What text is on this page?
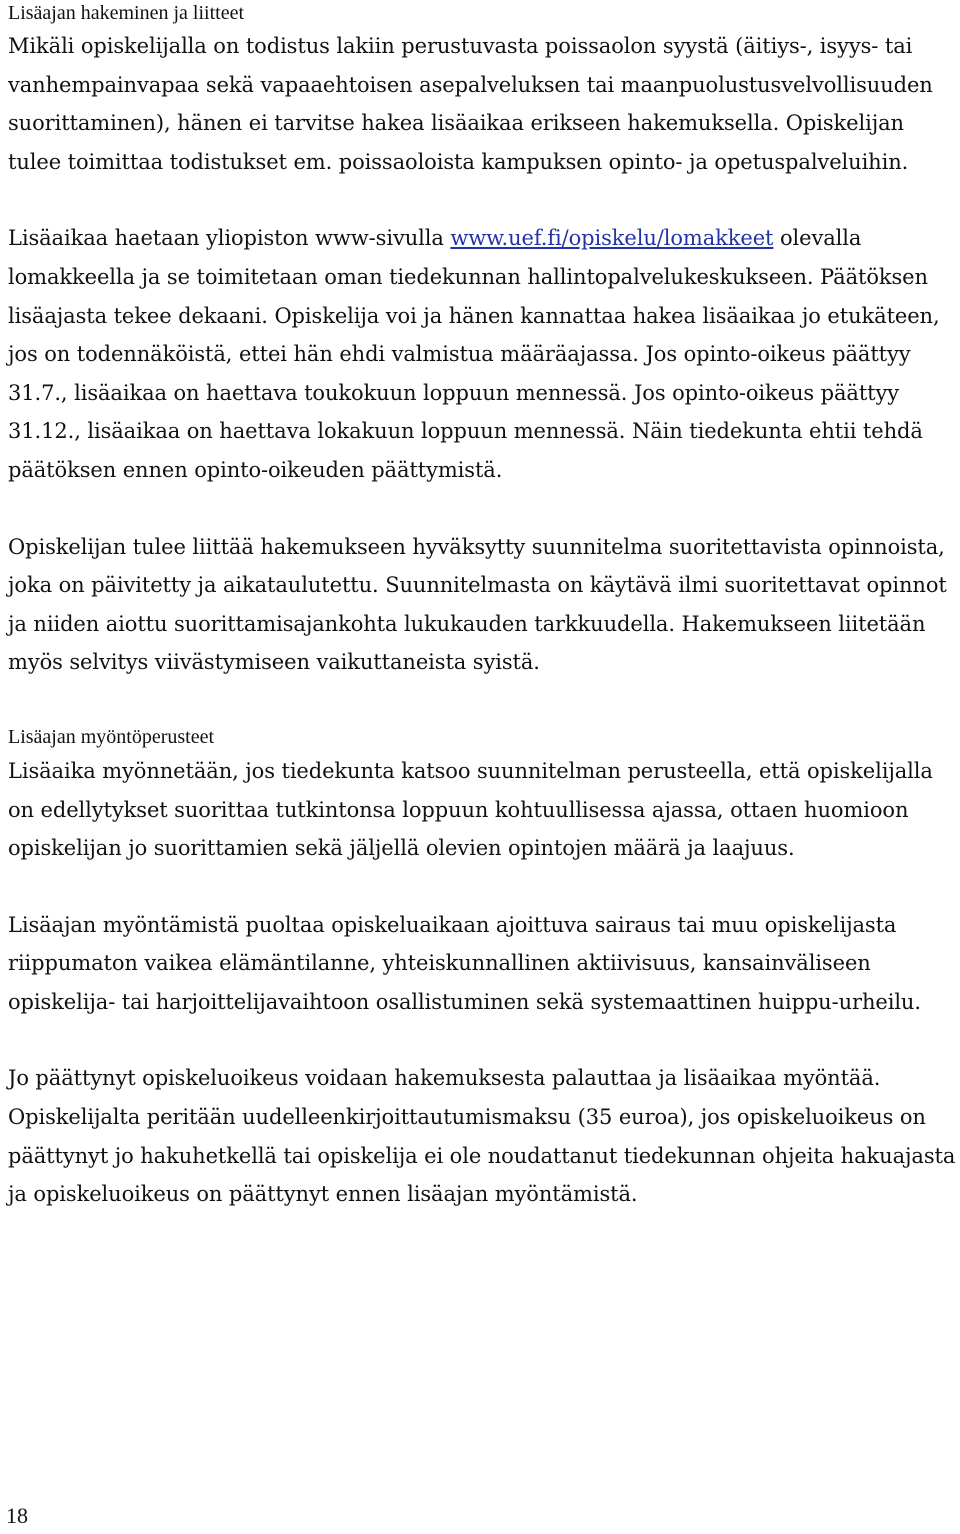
Lisäajan hakeminen ja liitteet

Mikäli opiskelijalla on todistus lakiin perustuvasta poissaolon syystä (äitiys-, isyys- tai vanhempainvapaa sekä vapaaehtoisen asepalveluksen tai maanpuolustusvelvollisuuden suorittaminen), hänen ei tarvitse hakea lisäaikaa erikseen hakemuksella. Opiskelijan tulee toimittaa todistukset em. poissaoloista kampuksen opinto- ja opetuspalveluihin.

Lisäaikaa haetaan yliopiston www-sivulla www.uef.fi/opiskelu/lomakkeet olevalla lomakkeella ja se toimitetaan oman tiedekunnan hallintopalvelukeskukseen. Päätöksen lisäajasta tekee dekaani. Opiskelija voi ja hänen kannattaa hakea lisäaikaa jo etukäteen, jos on todennäköistä, ettei hän ehdi valmistua määräajassa. Jos opinto-oikeus päättyy 31.7., lisäaikaa on haettava toukokuun loppuun mennessä. Jos opinto-oikeus päättyy 31.12., lisäaikaa on haettava lokakuun loppuun mennessä. Näin tiedekunta ehtii tehdä päätöksen ennen opinto-oikeuden päättymistä.

Opiskelijan tulee liittää hakemukseen hyväksytty suunnitelma suoritettavista opinnoista, joka on päivitetty ja aikataulutettu. Suunnitelmasta on käytävä ilmi suoritettavat opinnot ja niiden aiottu suorittamisajankohta lukukauden tarkkuudella. Hakemukseen liitetään myös selvitys viivästymiseen vaikuttaneista syistä.

Lisäajan myöntöperusteet

Lisäaika myönnetään, jos tiedekunta katsoo suunnitelman perusteella, että opiskelijalla on edellytykset suorittaa tutkintonsa loppuun kohtuullisessa ajassa, ottaen huomioon opiskelijan jo suorittamien sekä jäljellä olevien opintojen määrä ja laajuus.

Lisäajan myöntämistä puoltaa opiskeluaikaan ajoittuva sairaus tai muu opiskelijasta riippumaton vaikea elämäntilanne, yhteiskunnallinen aktiivisuus, kansainväliseen opiskelija- tai harjoittelijavaihtoon osallistuminen sekä systemaattinen huippu-urheilu.

Jo päättynyt opiskeluoikeus voidaan hakemuksesta palauttaa ja lisäaikaa myöntää. Opiskelijalta peritään uudelleenkirjoittautumismaksu (35 euroa), jos opiskeluoikeus on päättynyt jo hakuhetkellä tai opiskelija ei ole noudattanut tiedekunnan ohjeita hakuajasta ja opiskeluoikeus on päättynyt ennen lisäajan myöntämistä.

18
